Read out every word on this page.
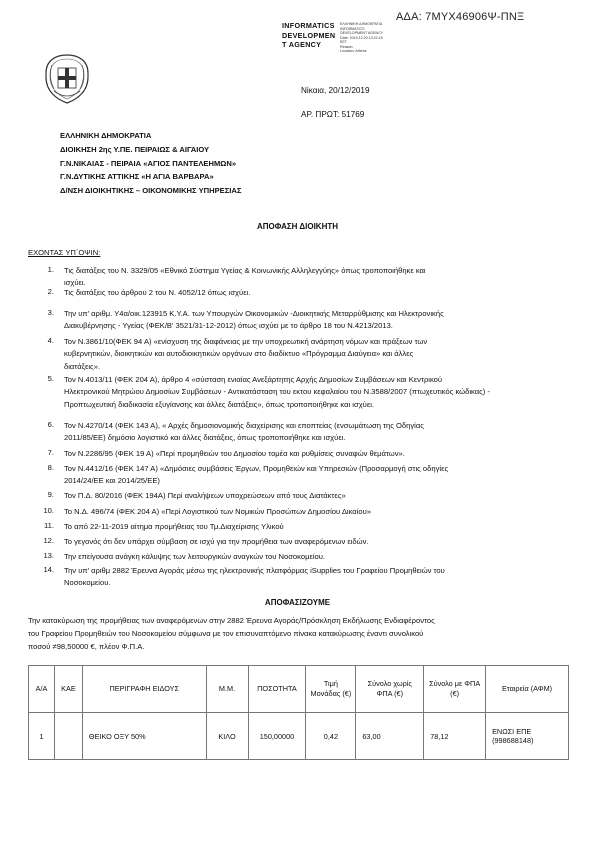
ΑΔΑ: 7ΜΥΧ46906Ψ-ΠΝΞ
INFORMATICS
DEVELOPMEN
T AGENCY
ΕΛΛΗΝΙΚΗ ΔΗΜΟΚΡΑΤΙΑ
INFORMATICS
DEVELOPMENT AGENCY
Date: 2019.12.20 13:22:15
EET
Reason:
Location: Athens
Νίκαια, 20/12/2019
ΑΡ. ΠΡΩΤ: 51769
ΕΛΛΗΝΙΚΗ ΔΗΜΟΚΡΑΤΙΑ
ΔΙΟΙΚΗΣΗ 2ης Υ.ΠΕ. ΠΕΙΡΑΙΩΣ & ΑΙΓΑΙΟΥ
Γ.Ν.ΝΙΚΑΙΑΣ - ΠΕΙΡΑΙΑ «ΑΓΙΟΣ ΠΑΝΤΕΛΕΗΜΩΝ»
Γ.Ν.ΔΥΤΙΚΗΣ ΑΤΤΙΚΗΣ «Η ΑΓΙΑ ΒΑΡΒΑΡΑ»
Δ/ΝΣΗ ΔΙΟΙΚΗΤΙΚΗΣ – ΟΙΚΟΝΟΜΙΚΗΣ ΥΠΗΡΕΣΙΑΣ
ΑΠΟΦΑΣΗ ΔΙΟΙΚΗΤΗ
ΕΧΟΝΤΑΣ ΥΠ΄ΟΨΙΝ:
1. Τις διατάξεις του Ν. 3329/05 «Εθνικό Σύστημα Υγείας & Κοινωνικής Αλληλεγγύης» όπως τροποποιήθηκε και
ισχύει.
2. Τις διατάξεις του άρθρου 2 του Ν. 4052/12 όπως ισχύει.
3. Την υπ' αριθμ. Υ4α/οικ.123915 Κ.Υ.Α. των Υπουργών Οικονομικών -Διοικητικής Μεταρρύθμισης και Ηλεκτρονικής
Διακυβέρνησης - Υγείας (ΦΕΚ/Β' 3521/31-12-2012) όπως ισχύει με το άρθρο 18 του Ν.4213/2013.
4. Τον Ν.3861/10(ΦΕΚ 94 Α) «ενίσχυση της διαφάνειας με την υποχρεωτική ανάρτηση νόμων και πράξεων των
κυβερνητικών, διοικητικών και αυτοδιοικητικών οργάνων στο διαδίκτυο «Πρόγραμμα Διαύγεια» και άλλες
διατάξεις».
5. Τον Ν.4013/11 (ΦΕΚ 204 Α), άρθρο 4 «σύσταση ενιαίας Ανεξάρτητης Αρχής Δημοσίων Συμβάσεων και Κεντρικού
Ηλεκτρονικού Μητρώου Δημοσίων Συμβάσεων - Αντικατάσταση του εκτου κεφαλαίου του Ν.3588/2007 (πτωχευτικός κώδικας) -
Προπτωχευτική διαδικασία εξυγίανσης και άλλες διατάξεις», όπως τροποποιήθηκε και ισχύει.
6. Τον Ν.4270/14 (ΦΕΚ 143 Α), « Αρχές δημοσιονομικής διαχείρισης και εποπτείας (ενσωμάτωση της Οδηγίας
2011/85/ΕΕ) δημόσιο λογιστικό και άλλες διατάξεις, όπως τροποποιήθηκε και ισχύει.
7. Τον Ν.2286/95 (ΦΕΚ 19 Α) «Περί προμηθειών του Δημοσίου τομέα και ρυθμίσεις συναφών θεμάτων».
8. Τον Ν.4412/16 (ΦΕΚ 147 Α) «Δημόσιες συμβάσεις Έργων, Προμηθειών και Υπηρεσιών (Προσαρμογή στις οδηγίες
2014/24/ΕΕ και 2014/25/ΕΕ)
9. Τον Π.Δ. 80/2016 (ΦΕΚ 194Α) Περί αναλήψεων υποχρεώσεων από τους Διατάκτες»
10. Το Ν.Δ. 496/74 (ΦΕΚ 204 Α) «Περί Λογιστικού των Νομικών Προσώπων Δημοσίου Δικαίου»
11. Το από 22-11-2019 αίτημα προμήθειας του Τμ.Διαχείρισης Υλικού
12. Το γεγονός ότι δεν υπάρχει σύμβαση σε ισχύ για την προμήθεια των αναφερόμενων ειδών.
13. Την επείγουσα ανάγκη κάλυψης των λειτουργικών αναγκών του Νοσοκομείου.
14. Την υπ' αριθμ 2882 Έρευνα Αγοράς μέσω της ηλεκτρονικής πλατφόρμας iSupplies του Γραφείου Προμηθειών του
Νοσοκομείου.
ΑΠΟΦΑΣΙΖΟΥΜΕ
Την κατακύρωση της προμήθειας των αναφερόμενων στην 2882 Έρευνα Αγοράς/Πρόσκληση Εκδήλωσης Ενδιαφέροντος
του Γραφείου Προμηθειών του Νοσοκομείου σύμφωνα με τον επισυναπτόμενο πίνακα κατακύρωσης έναντι συνολικού
ποσού ≠98,50000 €, πλέον Φ.Π.Α.
Α/Α	ΚΑΕ	ΠΕΡΙΓΡΑΦΗ ΕΙΔΟΥΣ	Μ.Μ.	ΠΟΣΟΤΗΤΑ	Τιμή Μονάδας (€)	Σύνολο χωρίς ΦΠΑ (€)	Σύνολο με ΦΠΑ (€)	Εταιρεία (ΑΦΜ)
1		ΘΕΙΚΟ ΟΞΥ 50%	ΚΙΛΟ	150,00000	0,42	63,00	78,12	ΕΝΩΣΙ ΕΠΕ (998688148)
